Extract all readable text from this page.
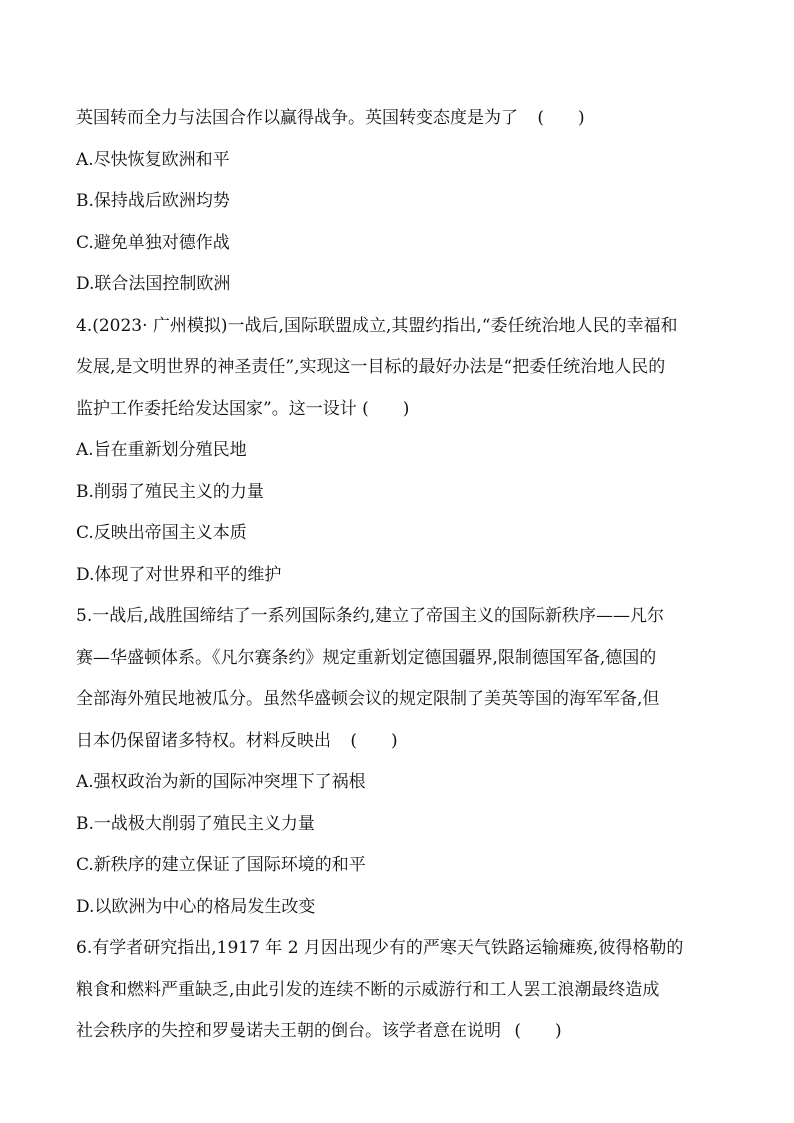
英国转而全力与法国合作以赢得战争。英国转变态度是为了 (　　)
A.尽快恢复欧洲和平
B.保持战后欧洲均势
C.避免单独对德作战
D.联合法国控制欧洲
4.(2023· 广州模拟)一战后,国际联盟成立,其盟约指出,“委任统治地人民的幸福和
发展,是文明世界的神圣责任”,实现这一目标的最好办法是“把委任统治地人民的
监护工作委托给发达国家”。这一设计 (　　)
A.旨在重新划分殖民地
B.削弱了殖民主义的力量
C.反映出帝国主义本质
D.体现了对世界和平的维护
5.一战后,战胜国缔结了一系列国际条约,建立了帝国主义的国际新秩序——凡尔
赛—华盛顿体系。《凡尔赛条约》规定重新划定德国疆界,限制德国军备,德国的
全部海外殖民地被瓜分。虽然华盛顿会议的规定限制了美英等国的海军军备,但
日本仍保留诸多特权。材料反映出 (　　)
A.强权政治为新的国际冲突埋下了祸根
B.一战极大削弱了殖民主义力量
C.新秩序的建立保证了国际环境的和平
D.以欧洲为中心的格局发生改变
6.有学者研究指出,1917 年 2 月因出现少有的严寒天气铁路运输瘫痪,彼得格勒的
粮食和燃料严重缺乏,由此引发的连续不断的示威游行和工人罢工浪潮最终造成
社会秩序的失控和罗曼诺夫王朝的倒台。该学者意在说明 (　　)
